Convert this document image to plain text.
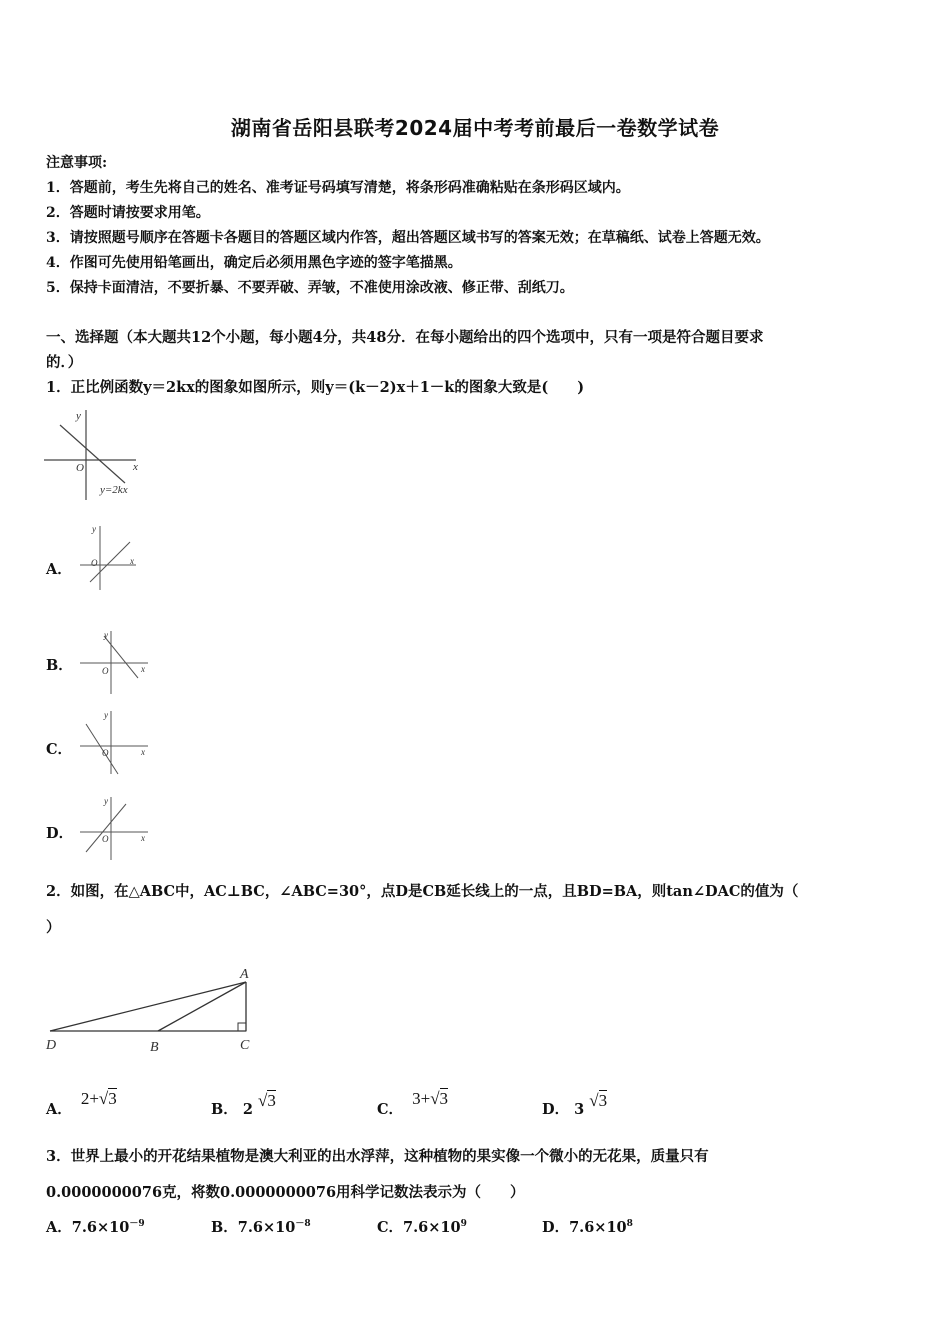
湖南省岳阳县联考2024届中考考前最后一卷数学试卷
注意事项:
1．答题前，考生先将自己的姓名、准考证号码填写清楚，将条形码准确粘贴在条形码区域内。
2．答题时请按要求用笔。
3．请按照题号顺序在答题卡各题目的答题区域内作答，超出答题区域书写的答案无效；在草稿纸、试卷上答题无效。
4．作图可先使用铅笔画出，确定后必须用黑色字迹的签字笔描黑。
5．保持卡面清洁，不要折暴、不要弄破、弄皱，不准使用涂改液、修正带、刮纸刀。
一、选择题（本大题共12个小题，每小题4分，共48分．在每小题给出的四个选项中，只有一项是符合题目要求
的．）
1．正比例函数y＝2kx的图象如图所示，则y＝(k－2)x＋1－k的图象大致是(　　)
y
x
O
y=2kx
A．
y
x
O
B．
y
x
O
C．
y
x
O
D．
y
x
O
2．如图，在△ABC中，AC⊥BC，∠ABC=30°，点D是CB延长线上的一点，且BD=BA，则tan∠DAC的值为（
）
A
D	B	C
A． 2+√3
B． 2 √3	C． 3+√3
D． 3 √3
3．世界上最小的开花结果植物是澳大利亚的出水浮萍，这种植物的果实像一个微小的无花果，质量只有
0.0000000076克，将数0.0000000076用科学记数法表示为（　　）
A．$7.6\times 10^{-9}$	B．$7.6\times 10^{-8}$	C．$7.6\times 10^9$	D．$7.6\times 10^8$
